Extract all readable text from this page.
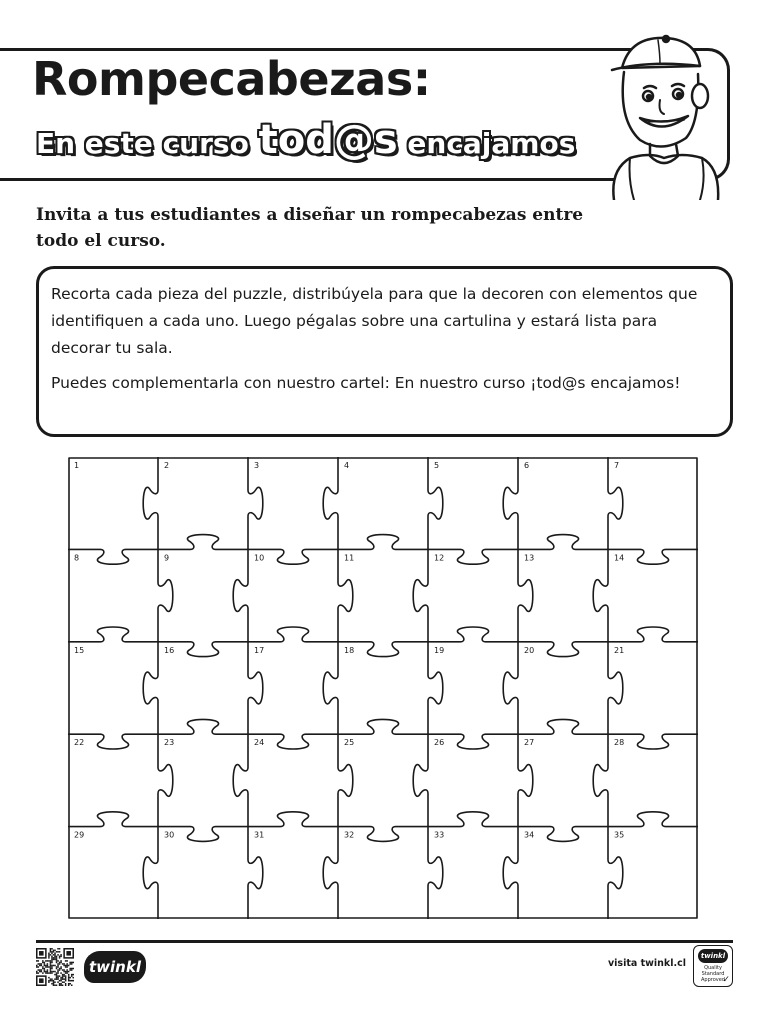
Rompecabezas:
En este curso tod@s encajamos

Invita a tus estudiantes a diseñar un rompecabezas entre todo el curso.

Recorta cada pieza del puzzle, distribúyela para que la decoren con elementos que identifiquen a cada uno. Luego pégalas sobre una cartulina y estará lista para decorar tu sala.

Puedes complementarla con nuestro cartel: En nuestro curso ¡tod@s encajamos!

1	2	3	4	5	6	7
8	9	10	11	12	13	14
15	16	17	18	19	20	21
22	23	24	25	26	27	28
29	30	31	32	33	34	35
twinkl	visita twinkl.cl
twinkl
Quality Standard Approved
✓
